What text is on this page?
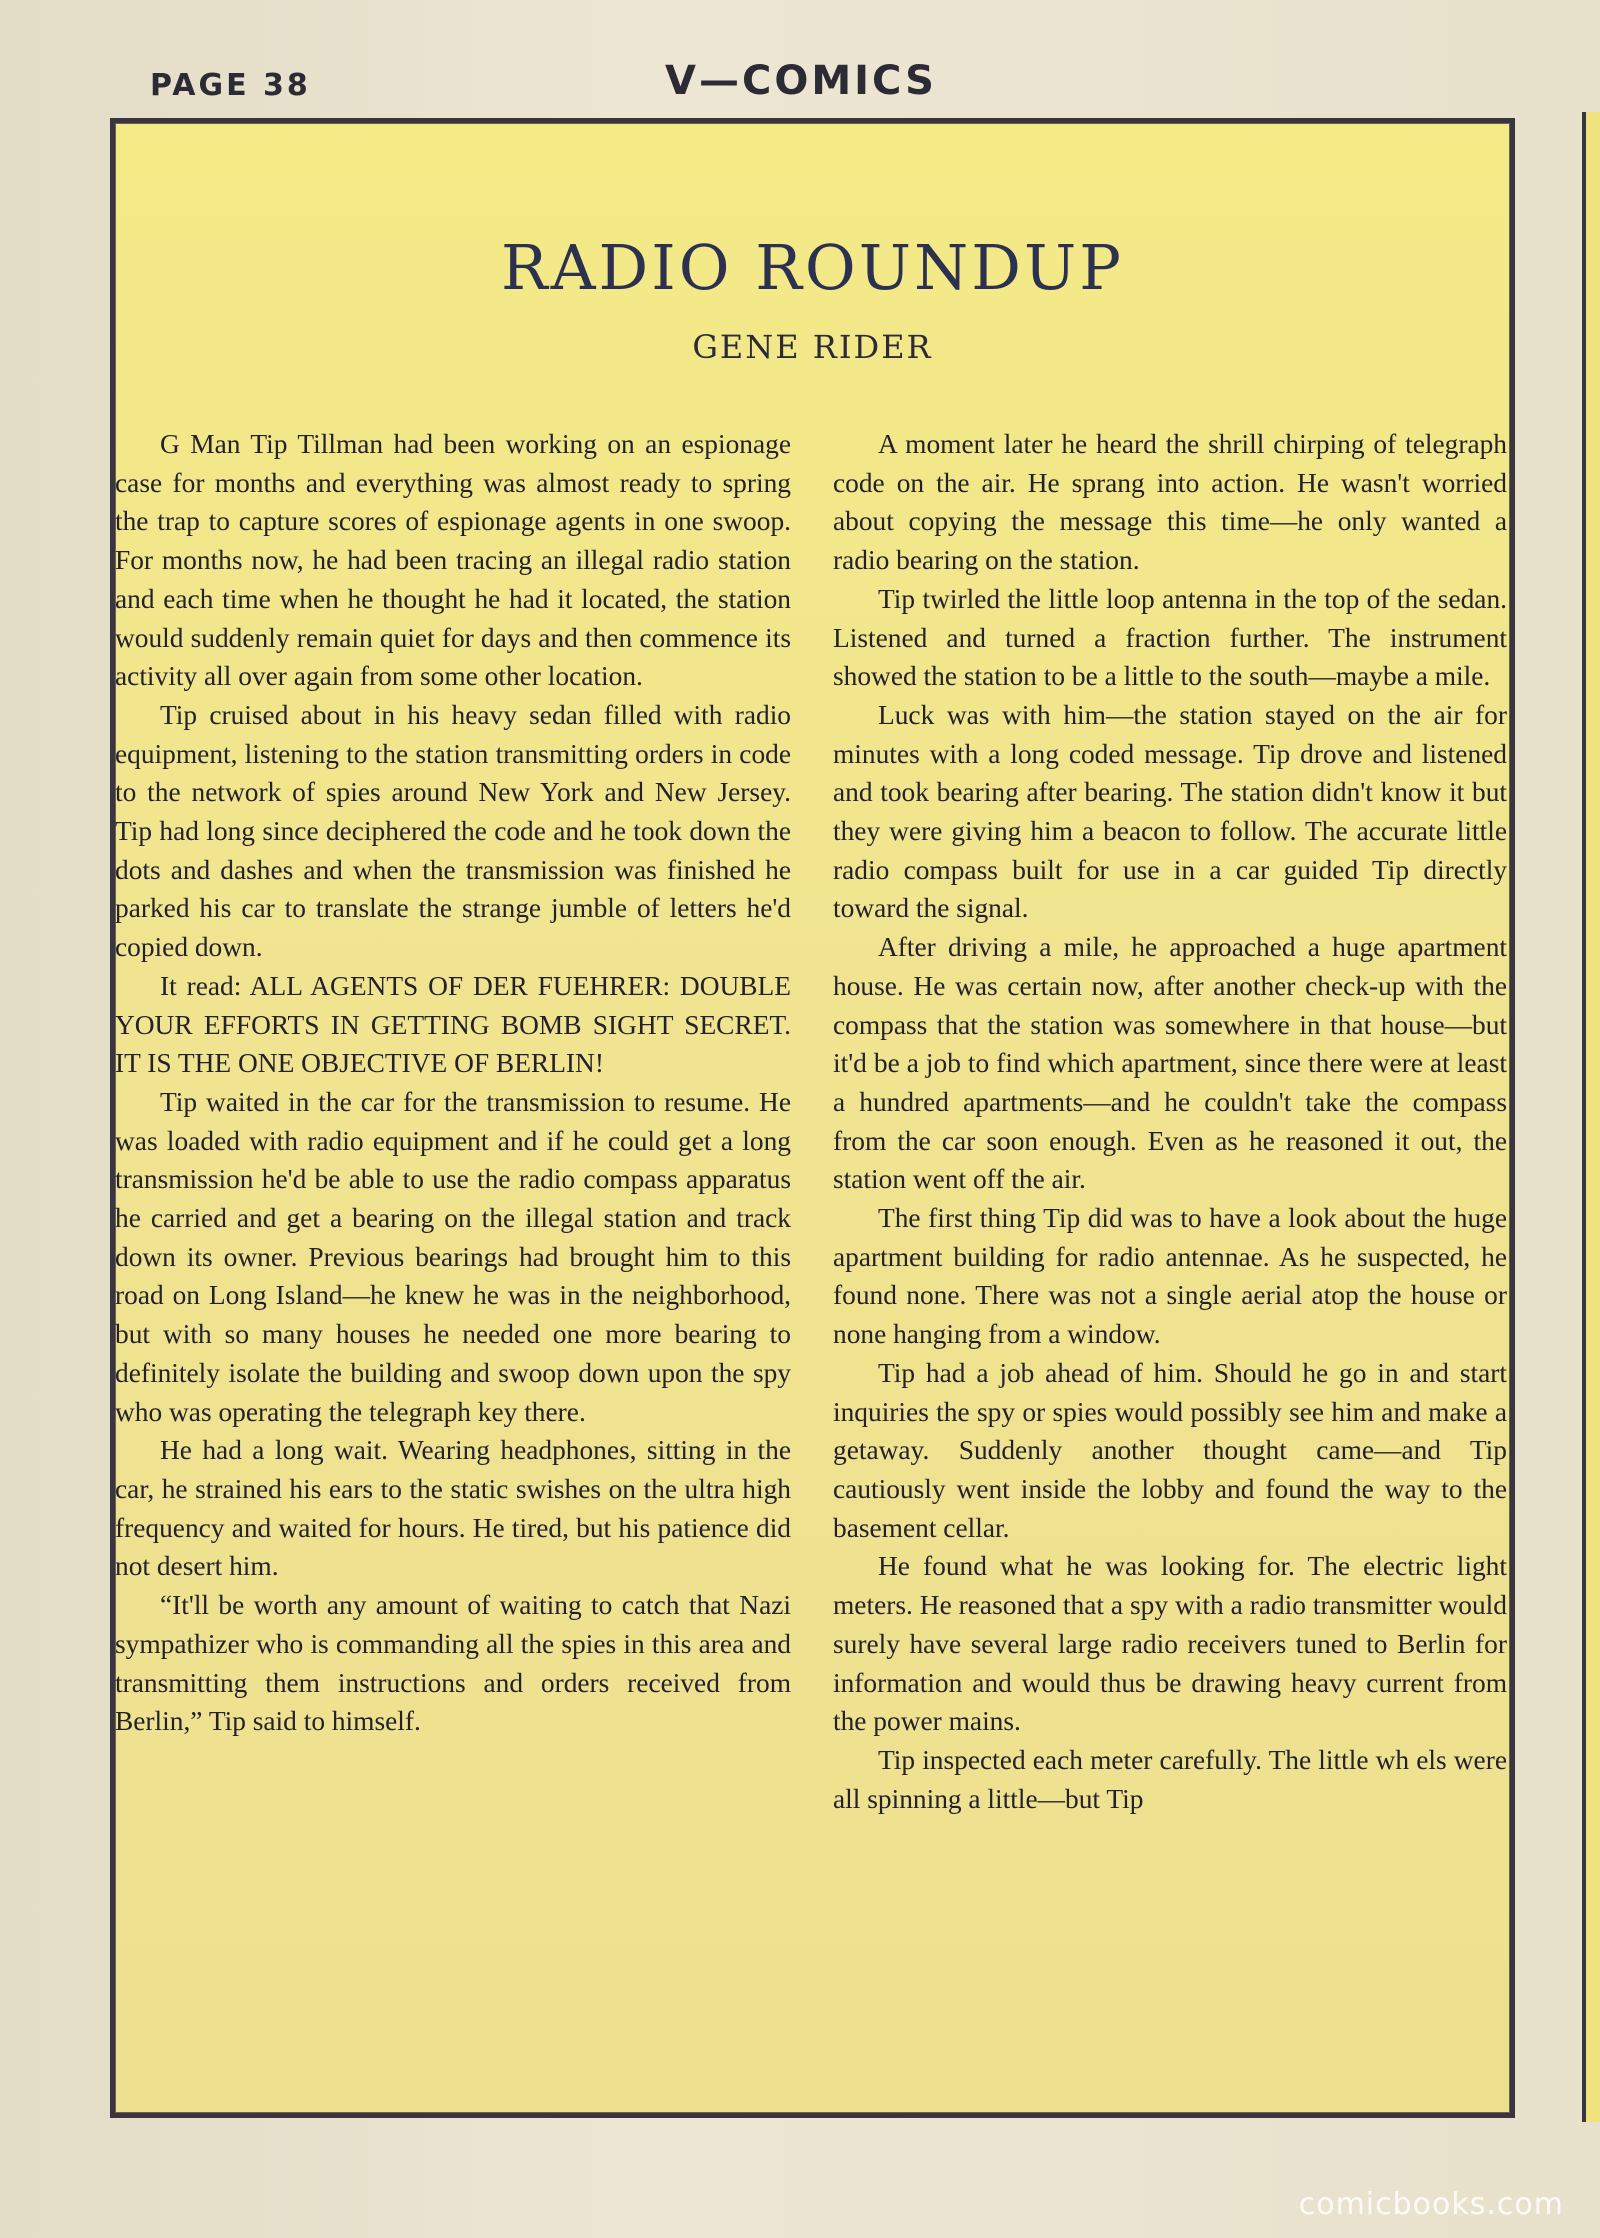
PAGE 38	V—COMICS
RADIO ROUNDUP
GENE RIDER

G Man Tip Tillman had been working on an espionage case for months and everything was almost ready to spring the trap to capture scores of espionage agents in one swoop. For months now, he had been tracing an illegal radio station and each time when he thought he had it located, the station would suddenly remain quiet for days and then commence its activity all over again from some other location.

Tip cruised about in his heavy sedan filled with radio equipment, listening to the station transmitting orders in code to the network of spies around New York and New Jersey. Tip had long since deciphered the code and he took down the dots and dashes and when the transmission was finished he parked his car to translate the strange jumble of letters he'd copied down.

It read: ALL AGENTS OF DER FUEHRER: DOUBLE YOUR EFFORTS IN GETTING BOMB SIGHT SECRET. IT IS THE ONE OBJECTIVE OF BERLIN!

Tip waited in the car for the transmission to resume. He was loaded with radio equipment and if he could get a long transmission he'd be able to use the radio compass apparatus he carried and get a bearing on the illegal station and track down its owner. Previous bearings had brought him to this road on Long Island—he knew he was in the neighborhood, but with so many houses he needed one more bearing to definitely isolate the building and swoop down upon the spy who was operating the telegraph key there.

He had a long wait. Wearing headphones, sitting in the car, he strained his ears to the static swishes on the ultra high frequency and waited for hours. He tired, but his patience did not desert him.

“It'll be worth any amount of waiting to catch that Nazi sympathizer who is commanding all the spies in this area and transmitting them instructions and orders received from Berlin,” Tip said to himself.

A moment later he heard the shrill chirping of telegraph code on the air. He sprang into action. He wasn't worried about copying the message this time—he only wanted a radio bearing on the station.

Tip twirled the little loop antenna in the top of the sedan. Listened and turned a fraction further. The instrument showed the station to be a little to the south—maybe a mile.

Luck was with him—the station stayed on the air for minutes with a long coded message. Tip drove and listened and took bearing after bearing. The station didn't know it but they were giving him a beacon to follow. The accurate little radio compass built for use in a car guided Tip directly toward the signal.

After driving a mile, he approached a huge apartment house. He was certain now, after another check-up with the compass that the station was somewhere in that house—but it'd be a job to find which apartment, since there were at least a hundred apartments—and he couldn't take the compass from the car soon enough. Even as he reasoned it out, the station went off the air.

The first thing Tip did was to have a look about the huge apartment building for radio antennae. As he suspected, he found none. There was not a single aerial atop the house or none hanging from a window.

Tip had a job ahead of him. Should he go in and start inquiries the spy or spies would possibly see him and make a getaway. Suddenly another thought came—and Tip cautiously went inside the lobby and found the way to the basement cellar.

He found what he was looking for. The electric light meters. He reasoned that a spy with a radio transmitter would surely have several large radio receivers tuned to Berlin for information and would thus be drawing heavy current from the power mains.

Tip inspected each meter carefully. The little wh els were all spinning a little—but Tip

comicbooks.com
